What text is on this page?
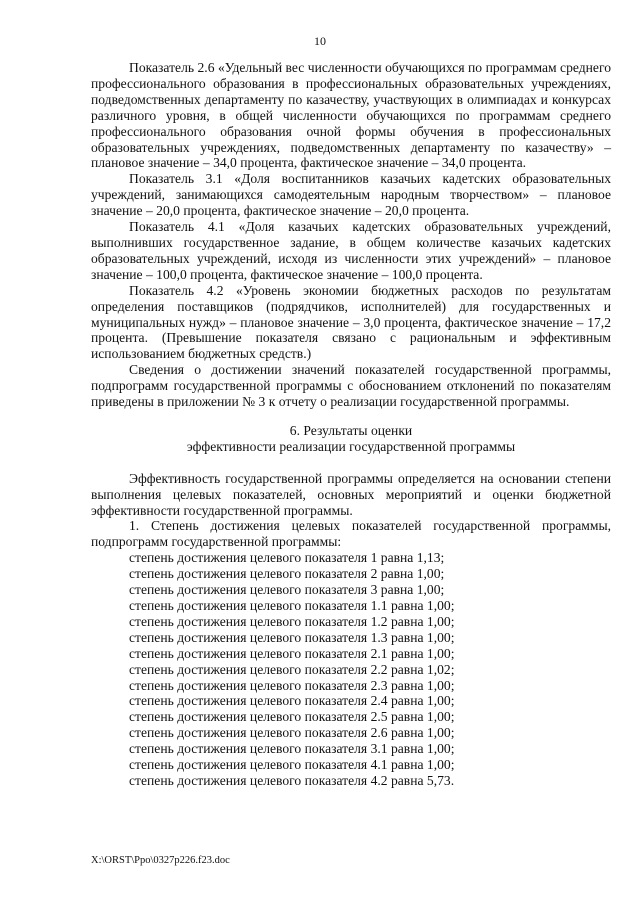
10

Показатель 2.6 «Удельный вес численности обучающихся по программам среднего профессионального образования в профессиональных образовательных учреждениях, подведомственных департаменту по казачеству, участвующих в олимпиадах и конкурсах различного уровня, в общей численности обучающихся по программам среднего профессионального образования очной формы обучения в профессиональных образовательных учреждениях, подведомственных департаменту по казачеству» – плановое значение – 34,0 процента, фактическое значение – 34,0 процента.

Показатель 3.1 «Доля воспитанников казачьих кадетских образовательных учреждений, занимающихся самодеятельным народным творчеством» – плановое значение – 20,0 процента, фактическое значение – 20,0 процента.

Показатель 4.1 «Доля казачьих кадетских образовательных учреждений, выполнивших государственное задание, в общем количестве казачьих кадетских образовательных учреждений, исходя из численности этих учреждений» – плановое значение – 100,0 процента, фактическое значение – 100,0 процента.

Показатель 4.2 «Уровень экономии бюджетных расходов по результатам определения поставщиков (подрядчиков, исполнителей) для государственных и муниципальных нужд» – плановое значение – 3,0 процента, фактическое значение – 17,2 процента. (Превышение показателя связано с рациональным и эффективным использованием бюджетных средств.)

Сведения о достижении значений показателей государственной программы, подпрограмм государственной программы с обоснованием отклонений по показателям приведены в приложении № 3 к отчету о реализации государственной программы.

6. Результаты оценки
эффективности реализации государственной программы

Эффективность государственной программы определяется на основании степени выполнения целевых показателей, основных мероприятий и оценки бюджетной эффективности государственной программы.

1. Степень достижения целевых показателей государственной программы, подпрограмм государственной программы:

степень достижения целевого показателя 1 равна 1,13;
степень достижения целевого показателя 2 равна 1,00;
степень достижения целевого показателя 3 равна 1,00;
степень достижения целевого показателя 1.1 равна 1,00;
степень достижения целевого показателя 1.2 равна 1,00;
степень достижения целевого показателя 1.3 равна 1,00;
степень достижения целевого показателя 2.1 равна 1,00;
степень достижения целевого показателя 2.2 равна 1,02;
степень достижения целевого показателя 2.3 равна 1,00;
степень достижения целевого показателя 2.4 равна 1,00;
степень достижения целевого показателя 2.5 равна 1,00;
степень достижения целевого показателя 2.6 равна 1,00;
степень достижения целевого показателя 3.1 равна 1,00;
степень достижения целевого показателя 4.1 равна 1,00;
степень достижения целевого показателя 4.2 равна 5,73.
X:\ORST\Ppo\0327p226.f23.doc
